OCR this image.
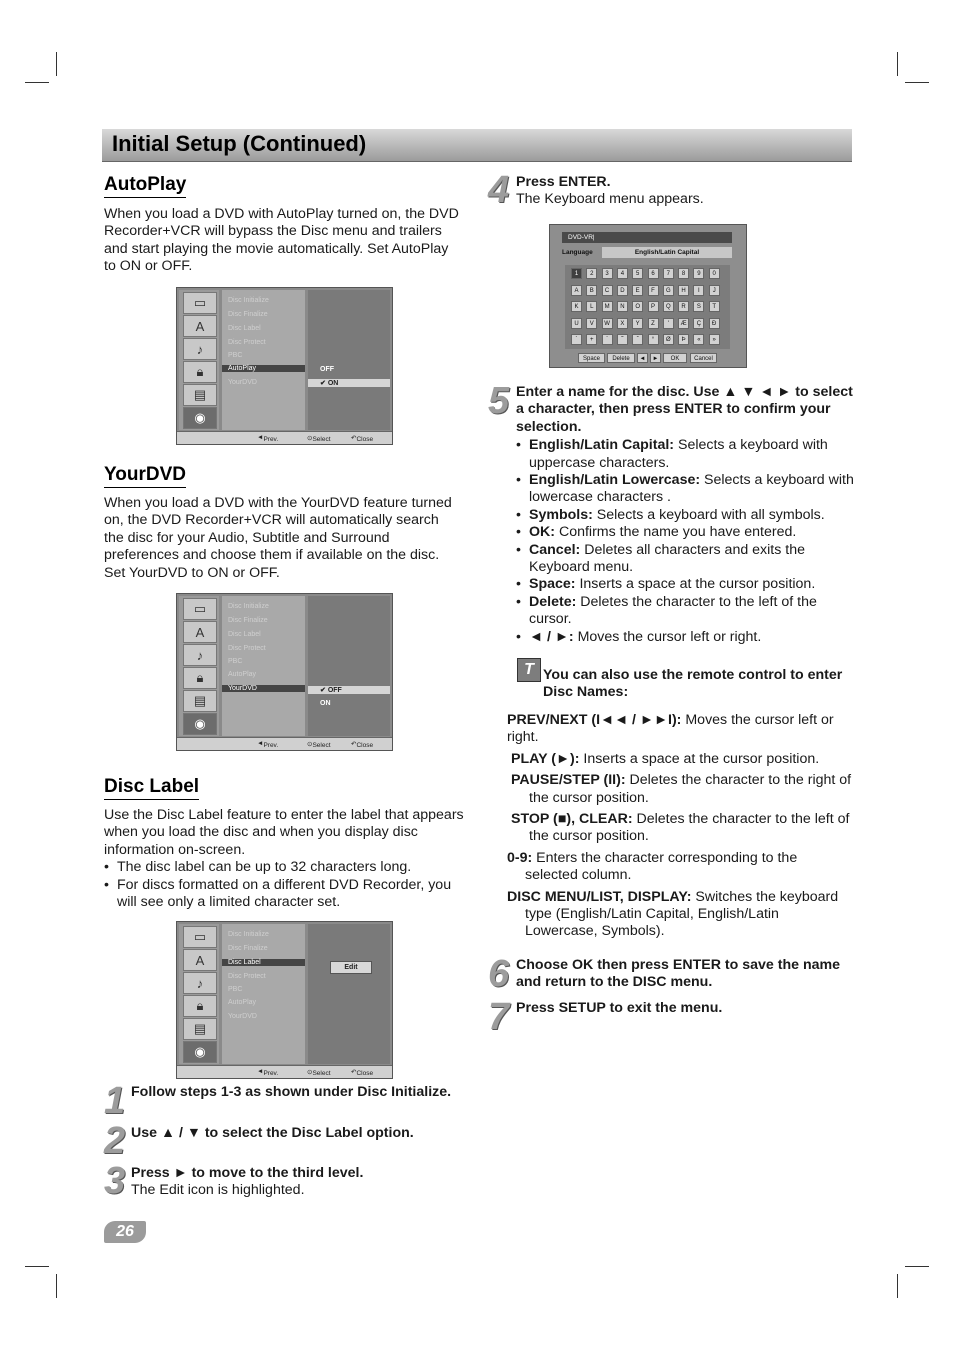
Initial Setup (Continued)
AutoPlay

When you load a DVD with AutoPlay turned on, the DVD Recorder+VCR will bypass the Disc menu and trailers and start playing the movie automatically. Set AutoPlay to ON or OFF.

▭
A
♪
🔒︎
▤
◉
Disc Initialize
Disc Finalize
Disc Label
Disc Protect
PBC
AutoPlay
YourDVD
OFF
✔ ON
◄ Prev.	⊙ Select	↶ Close
YourDVD

When you load a DVD with the YourDVD feature turned on, the DVD Recorder+VCR will automatically search the disc for your Audio, Subtitle and Surround preferences and choose them if available on the disc. Set YourDVD to ON or OFF.

▭
A
♪
🔒︎
▤
◉
Disc Initialize
Disc Finalize
Disc Label
Disc Protect
PBC
AutoPlay
YourDVD	✔ OFF
ON
◄ Prev.	⊙ Select	↶ Close
Disc Label

Use the Disc Label feature to enter the label that appears when you load the disc and when you display disc information on-screen.

• The disc label can be up to 32 characters long.
• For discs formatted on a different DVD Recorder, you will see only a limited character set.
▭
A
♪
🔒︎
▤
◉
Disc Initialize
Disc Finalize
Disc Label
Disc Protect
PBC
AutoPlay
YourDVD
Edit
◄ Prev.	⊙ Select	↶ Close
1 Follow steps 1-3 as shown under Disc Initialize.

2 Use ▲ / ▼ to select the Disc Label option.

3 Press ► to move to the third level.
The Edit icon is highlighted.

26
4 Press ENTER.
The Keyboard menu appears.

DVD-VR|
Language	English/Latin Capital
1	2	3	4	5	6	7	8	9	0
A	B	C	D	E	F	G	H	I	J
K	L	M	N	O	P	Q	R	S	T
U	V	W	X	Y	Z	'	Æ	Ç	Ð
´	+	`	˜	ˆ	°	Ø	Þ	«	»
Space	Delete	◄	►	OK	Cancel
5 Enter a name for the disc. Use ▲ ▼ ◄ ► to select a character, then press ENTER to confirm your selection.
• English/Latin Capital: Selects a keyboard with uppercase characters.
• English/Latin Lowercase: Selects a keyboard with lowercase characters .
• Symbols: Selects a keyboard with all symbols.
• OK: Confirms the name you have entered.
• Cancel: Deletes all characters and exits the Keyboard menu.
• Space: Inserts a space at the cursor position.
• Delete: Deletes the character to the left of the cursor.
• ◄ / ►: Moves the cursor left or right.
T You can also use the remote control to enter Disc Names:

PREV/NEXT (I◄◄ / ►►I): Moves the cursor left or right.

PLAY (►): Inserts a space at the cursor position.

PAUSE/STEP (II): Deletes the character to the right of the cursor position.

STOP (■), CLEAR: Deletes the character to the left of the cursor position.

0-9: Enters the character corresponding to the selected column.

DISC MENU/LIST, DISPLAY: Switches the keyboard type (English/Latin Capital, English/Latin Lowercase, Symbols).

6 Choose OK then press ENTER to save the name and return to the DISC menu.

7 Press SETUP to exit the menu.
